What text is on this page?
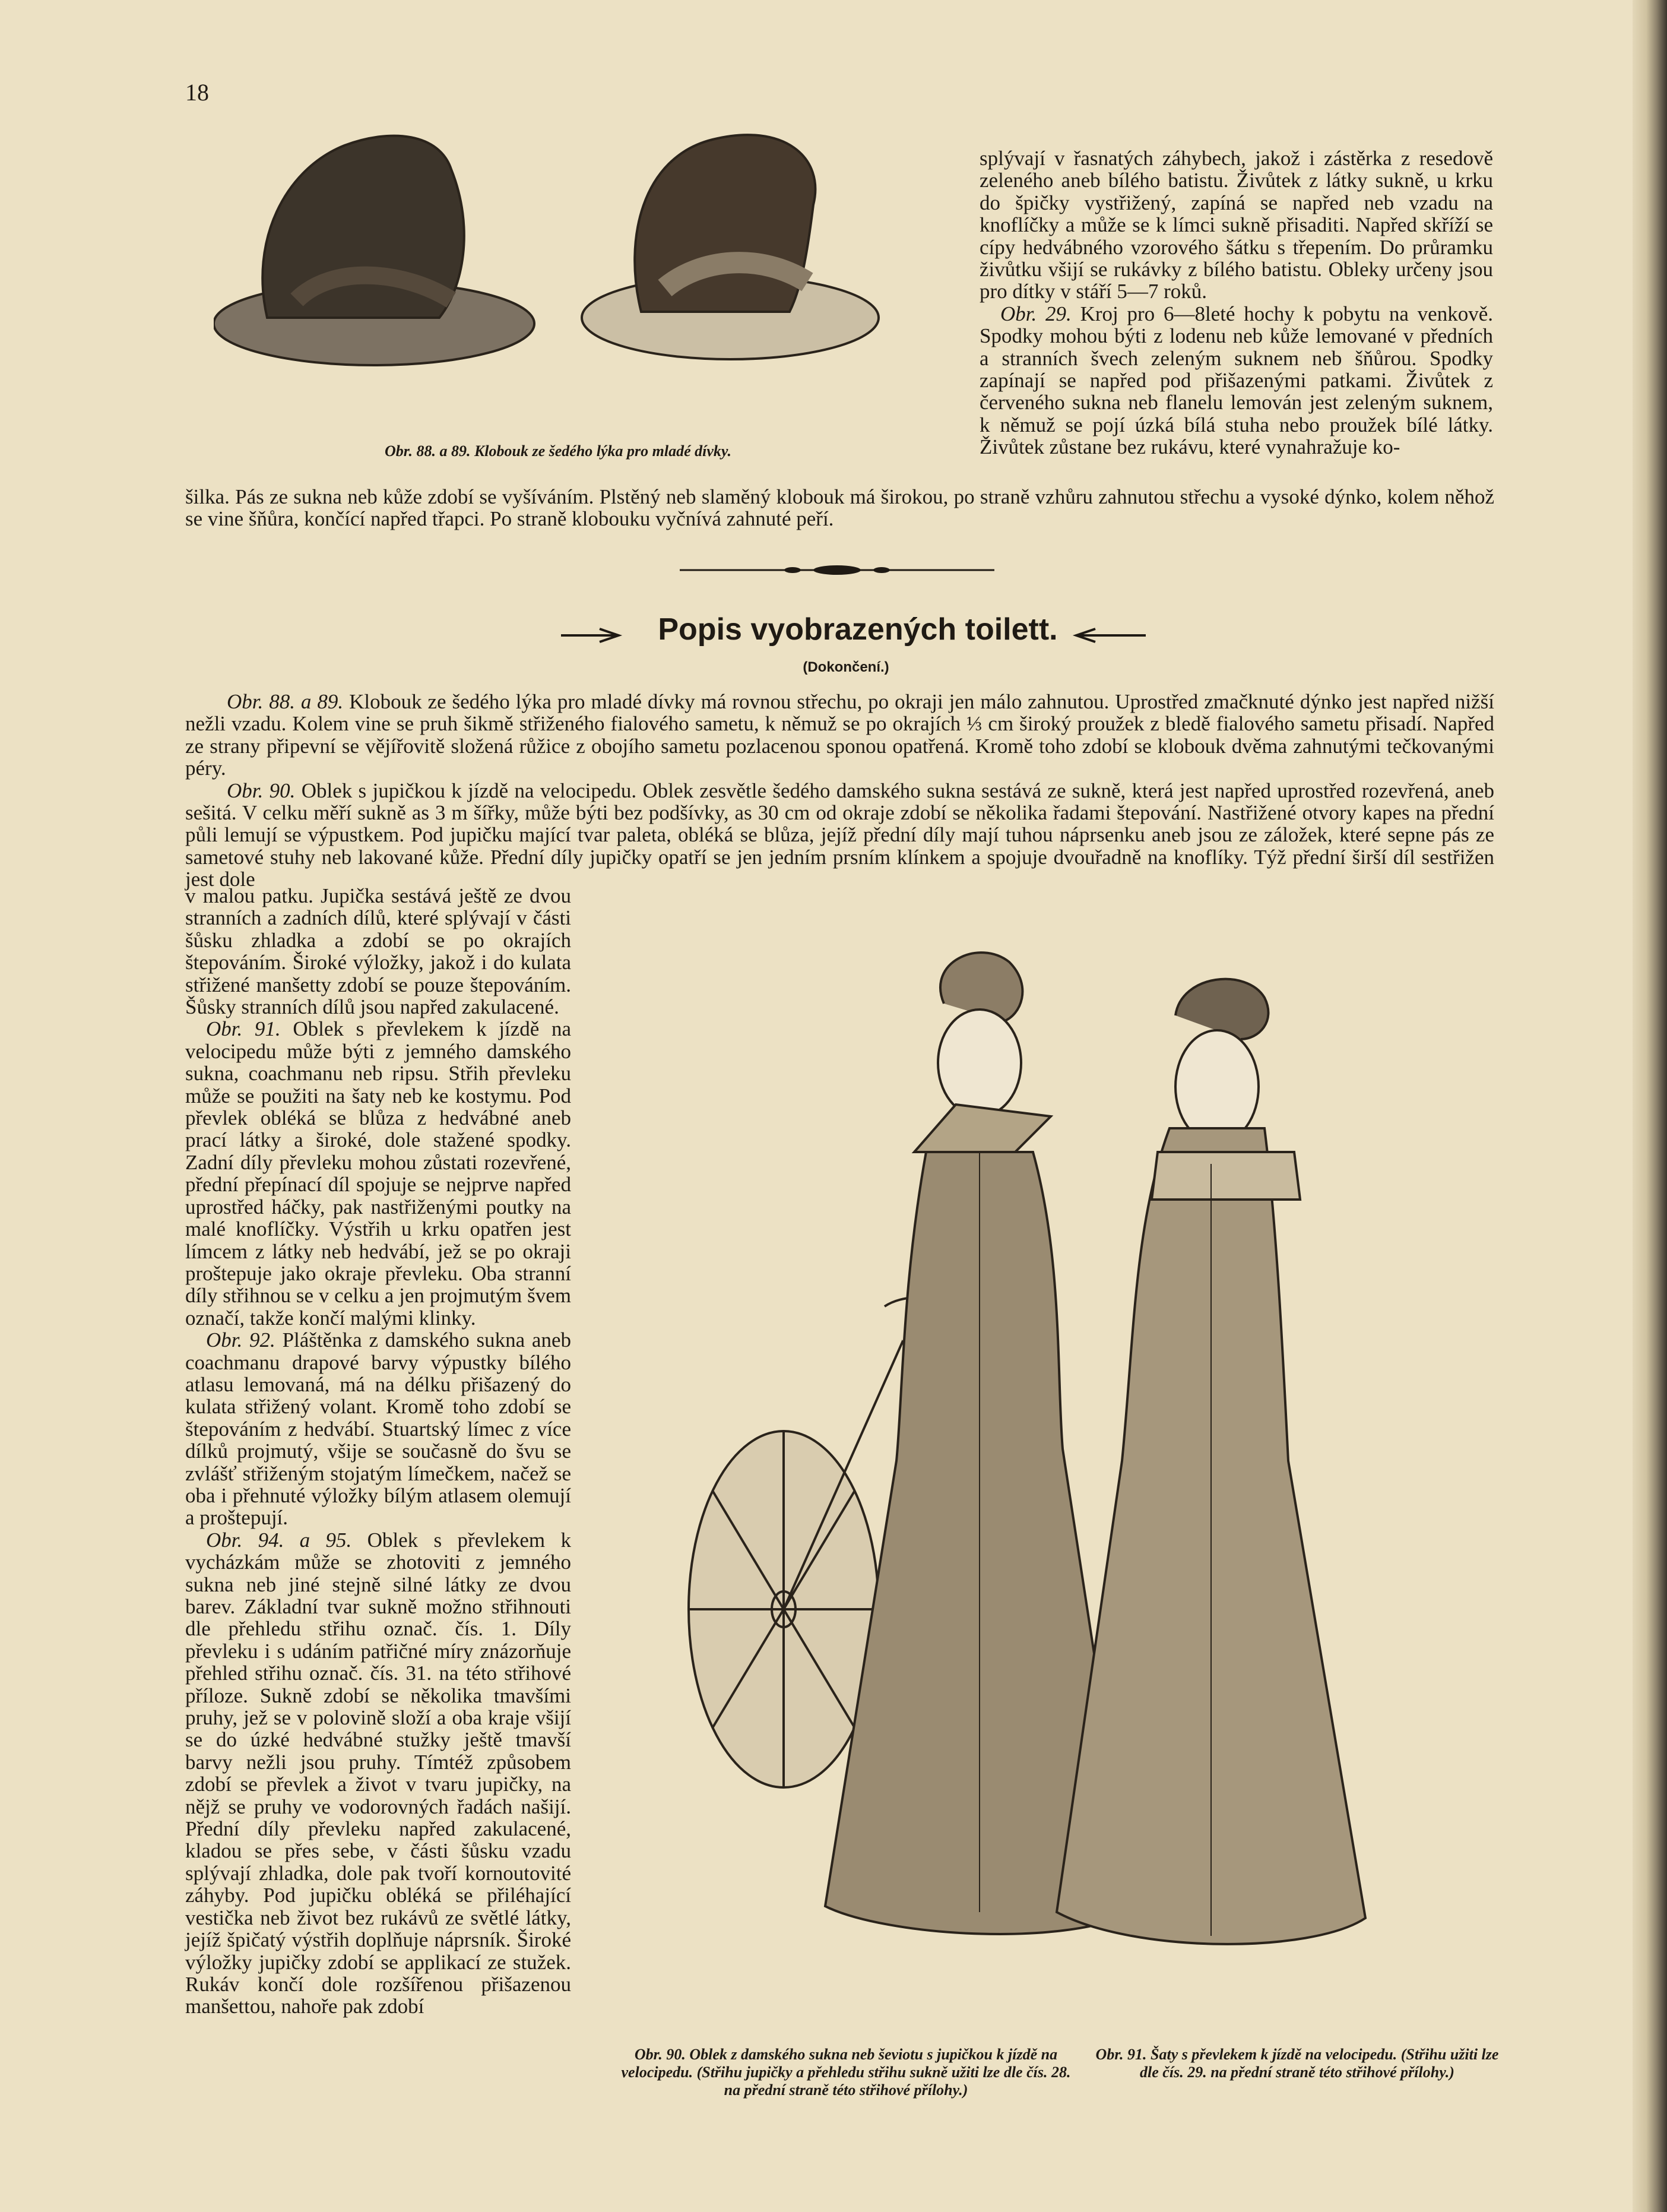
18
Obr. 88. a 89. Klobouk ze šedého lýka pro mladé dívky.

splývají v řasnatých záhybech, jakož i zástěrka z resedově zeleného aneb bílého batistu. Živůtek z látky sukně, u krku do špičky vystřižený, zapíná se napřed neb vzadu na knoflíčky a může se k límci sukně přisaditi. Napřed skříží se cípy hedvábného vzorového šátku s třepením. Do průramku živůtku všijí se rukávky z bílého batistu. Obleky určeny jsou pro dítky v stáří 5—7 roků.

 Obr. 29. Kroj pro 6—8leté hochy k pobytu na venkově. Spodky mohou býti z lodenu neb kůže lemované v předních a stranních švech zeleným suknem neb šňůrou. Spodky zapínají se napřed pod přišazenými patkami. Živůtek z červeného sukna neb flanelu lemován jest zeleným suknem, k němuž se pojí úzká bílá stuha nebo proužek bílé látky. Živůtek zůstane bez rukávu, které vynahražuje ko-

šilka. Pás ze sukna neb kůže zdobí se vyšíváním. Plstěný neb slaměný klobouk má širokou, po straně vzhůru zahnutou střechu a vysoké dýnko, kolem něhož se vine šňůra, končící napřed třapci. Po straně klobouku vyčnívá zahnuté peří.
Popis vyobrazených toilett.
(Dokončení.)

  Obr. 88. a 89. Klobouk ze šedého lýka pro mladé dívky má rovnou střechu, po okraji jen málo zahnutou. Uprostřed zmačknuté dýnko jest napřed nižší nežli vzadu. Kolem vine se pruh šikmě střiženého fialového sametu, k němuž se po okrajích ⅓ cm široký proužek z bledě fialového sametu přisadí. Napřed ze strany připevní se vějířovitě složená růžice z obojího sametu pozlacenou sponou opatřená. Kromě toho zdobí se klobouk dvěma zahnutými tečkovanými péry.

  Obr. 90. Oblek s jupičkou k jízdě na velocipedu. Oblek zesvětle šedého damského sukna sestává ze sukně, která jest napřed uprostřed rozevřená, aneb sešitá. V celku měří sukně as 3 m šířky, může býti bez podšívky, as 30 cm od okraje zdobí se několika řadami štepování. Nastřižené otvory kapes na přední půli lemují se výpustkem. Pod jupičku mající tvar paleta, obléká se blůza, jejíž přední díly mají tuhou náprsenku aneb jsou ze záložek, které sepne pás ze sametové stuhy neb lakované kůže. Přední díly jupičky opatří se jen jedním prsním klínkem a spojuje dvouřadně na knoflíky. Týž přední širší díl sestřižen jest dole

v malou patku. Jupička sestává ještě ze dvou stranních a zadních dílů, které splývají v části šůsku zhladka a zdobí se po okrajích štepováním. Široké výložky, jakož i do kulata střižené manšetty zdobí se pouze štepováním. Šůsky stranních dílů jsou napřed zakulacené.

 Obr. 91. Oblek s převlekem k jízdě na velocipedu může býti z jemného damského sukna, coachmanu neb ripsu. Střih převleku může se použiti na šaty neb ke kostymu. Pod převlek obléká se blůza z hedvábné aneb prací látky a široké, dole stažené spodky. Zadní díly převleku mohou zůstati rozevřené, přední přepínací díl spojuje se nejprve napřed uprostřed háčky, pak nastřiženými poutky na malé knoflíčky. Výstřih u krku opatřen jest límcem z látky neb hedvábí, jež se po okraji proštepuje jako okraje převleku. Oba stranní díly střihnou se v celku a jen projmutým švem označí, takže končí malými klinky.

 Obr. 92. Pláštěnka z damského sukna aneb coachmanu drapové barvy výpustky bílého atlasu lemovaná, má na délku přišazený do kulata střižený volant. Kromě toho zdobí se štepováním z hedvábí. Stuartský límec z více dílků projmutý, všije se současně do švu se zvlášť střiženým stojatým límečkem, načež se oba i přehnuté výložky bílým atlasem olemují a proštepují.

 Obr. 94. a 95. Oblek s převlekem k vycházkám může se zhotoviti z jemného sukna neb jiné stejně silné látky ze dvou barev. Základní tvar sukně možno střihnouti dle přehledu střihu označ. čís. 1. Díly převleku i s udáním patřičné míry znázorňuje přehled střihu označ. čís. 31. na této střihové příloze. Sukně zdobí se několika tmavšími pruhy, jež se v polovině složí a oba kraje všijí se do úzké hedvábné stužky ještě tmavší barvy nežli jsou pruhy. Tímtéž způsobem zdobí se převlek a život v tvaru jupičky, na nějž se pruhy ve vodorovných řadách našijí. Přední díly převleku napřed zakulacené, kladou se přes sebe, v části šůsku vzadu splývají zhladka, dole pak tvoří kornoutovité záhyby. Pod jupičku obléká se přiléhající vestička neb život bez rukávů ze světlé látky, jejíž špičatý výstřih doplňuje náprsník. Široké výložky jupičky zdobí se applikací ze stužek. Rukáv končí dole rozšířenou přišazenou manšettou, nahoře pak zdobí

Obr. 90. Oblek z damského sukna neb ševiotu s jupičkou k jízdě na velocipedu. (Střihu jupičky a přehledu střihu sukně užiti lze dle čís. 28. na přední straně této střihové přílohy.)
Obr. 91. Šaty s převlekem k jízdě na velocipedu. (Střihu užiti lze dle čís. 29. na přední straně této střihové přílohy.)
